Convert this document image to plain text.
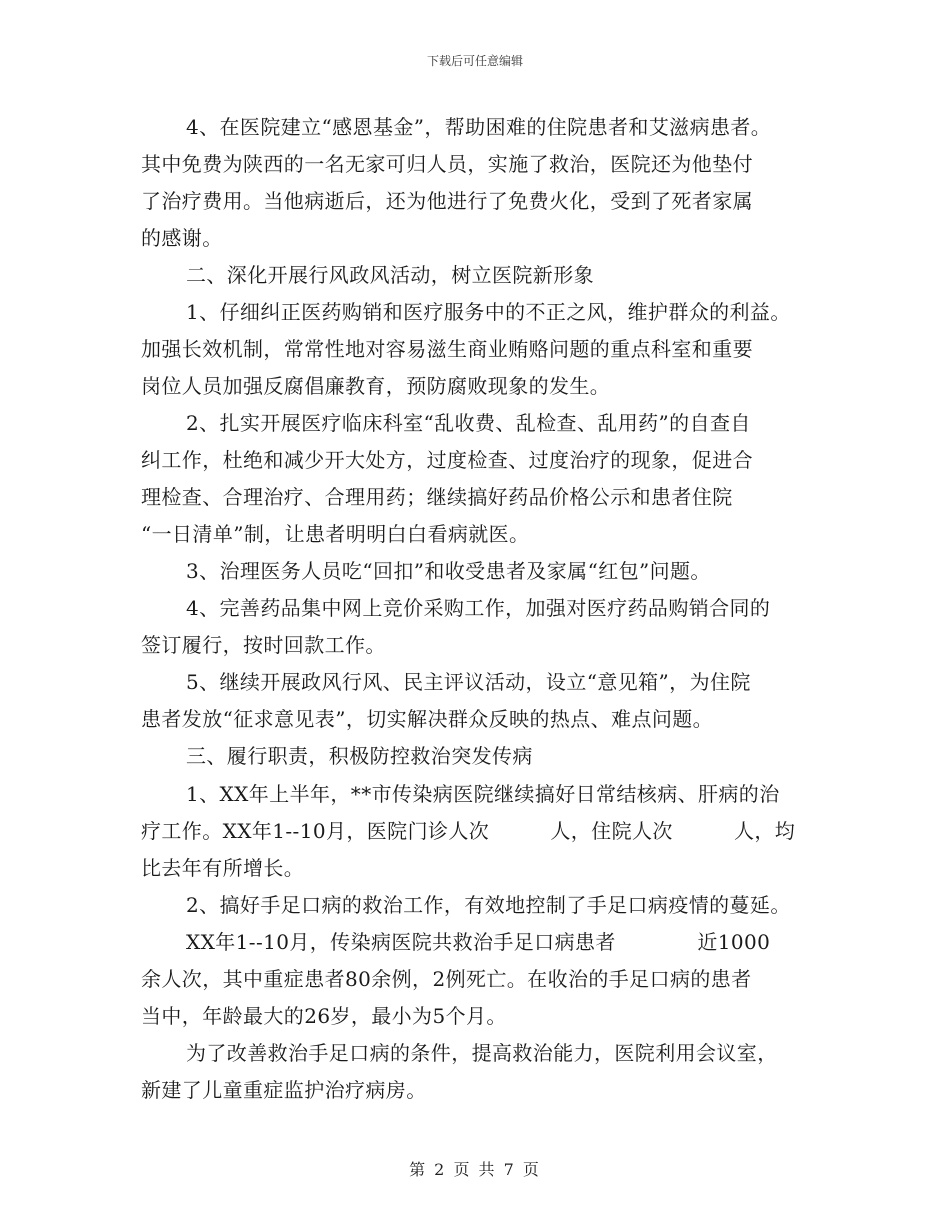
下载后可任意编辑
4、在医院建立“感恩基金”，帮助困难的住院患者和艾滋病患者。
其中免费为陕西的一名无家可归人员，实施了救治，医院还为他垫付
了治疗费用。当他病逝后，还为他进行了免费火化，受到了死者家属
的感谢。
二、深化开展行风政风活动，树立医院新形象
1、仔细纠正医药购销和医疗服务中的不正之风，维护群众的利益。
加强长效机制，常常性地对容易滋生商业贿赂问题的重点科室和重要
岗位人员加强反腐倡廉教育，预防腐败现象的发生。
2、扎实开展医疗临床科室“乱收费、乱检查、乱用药”的自查自
纠工作，杜绝和减少开大处方，过度检查、过度治疗的现象，促进合
理检查、合理治疗、合理用药；继续搞好药品价格公示和患者住院
“一日清单”制，让患者明明白白看病就医。
3、治理医务人员吃“回扣”和收受患者及家属“红包”问题。
4、完善药品集中网上竞价采购工作，加强对医疗药品购销合同的
签订履行，按时回款工作。
5、继续开展政风行风、民主评议活动，设立“意见箱”，为住院
患者发放“征求意见表”，切实解决群众反映的热点、难点问题。
三、履行职责，积极防控救治突发传病
1、XX年上半年，**市传染病医院继续搞好日常结核病、肝病的治
疗工作。XX年1--10月，医院门诊人次　　　人，住院人次　　　人，均
比去年有所增长。
2、搞好手足口病的救治工作，有效地控制了手足口病疫情的蔓延。
XX年1--10月，传染病医院共救治手足口病患者　　　　近1000
余人次，其中重症患者80余例，2例死亡。在收治的手足口病的患者
当中，年龄最大的26岁，最小为5个月。
为了改善救治手足口病的条件，提高救治能力，医院利用会议室，
新建了儿童重症监护治疗病房。
第 2 页 共 7 页
